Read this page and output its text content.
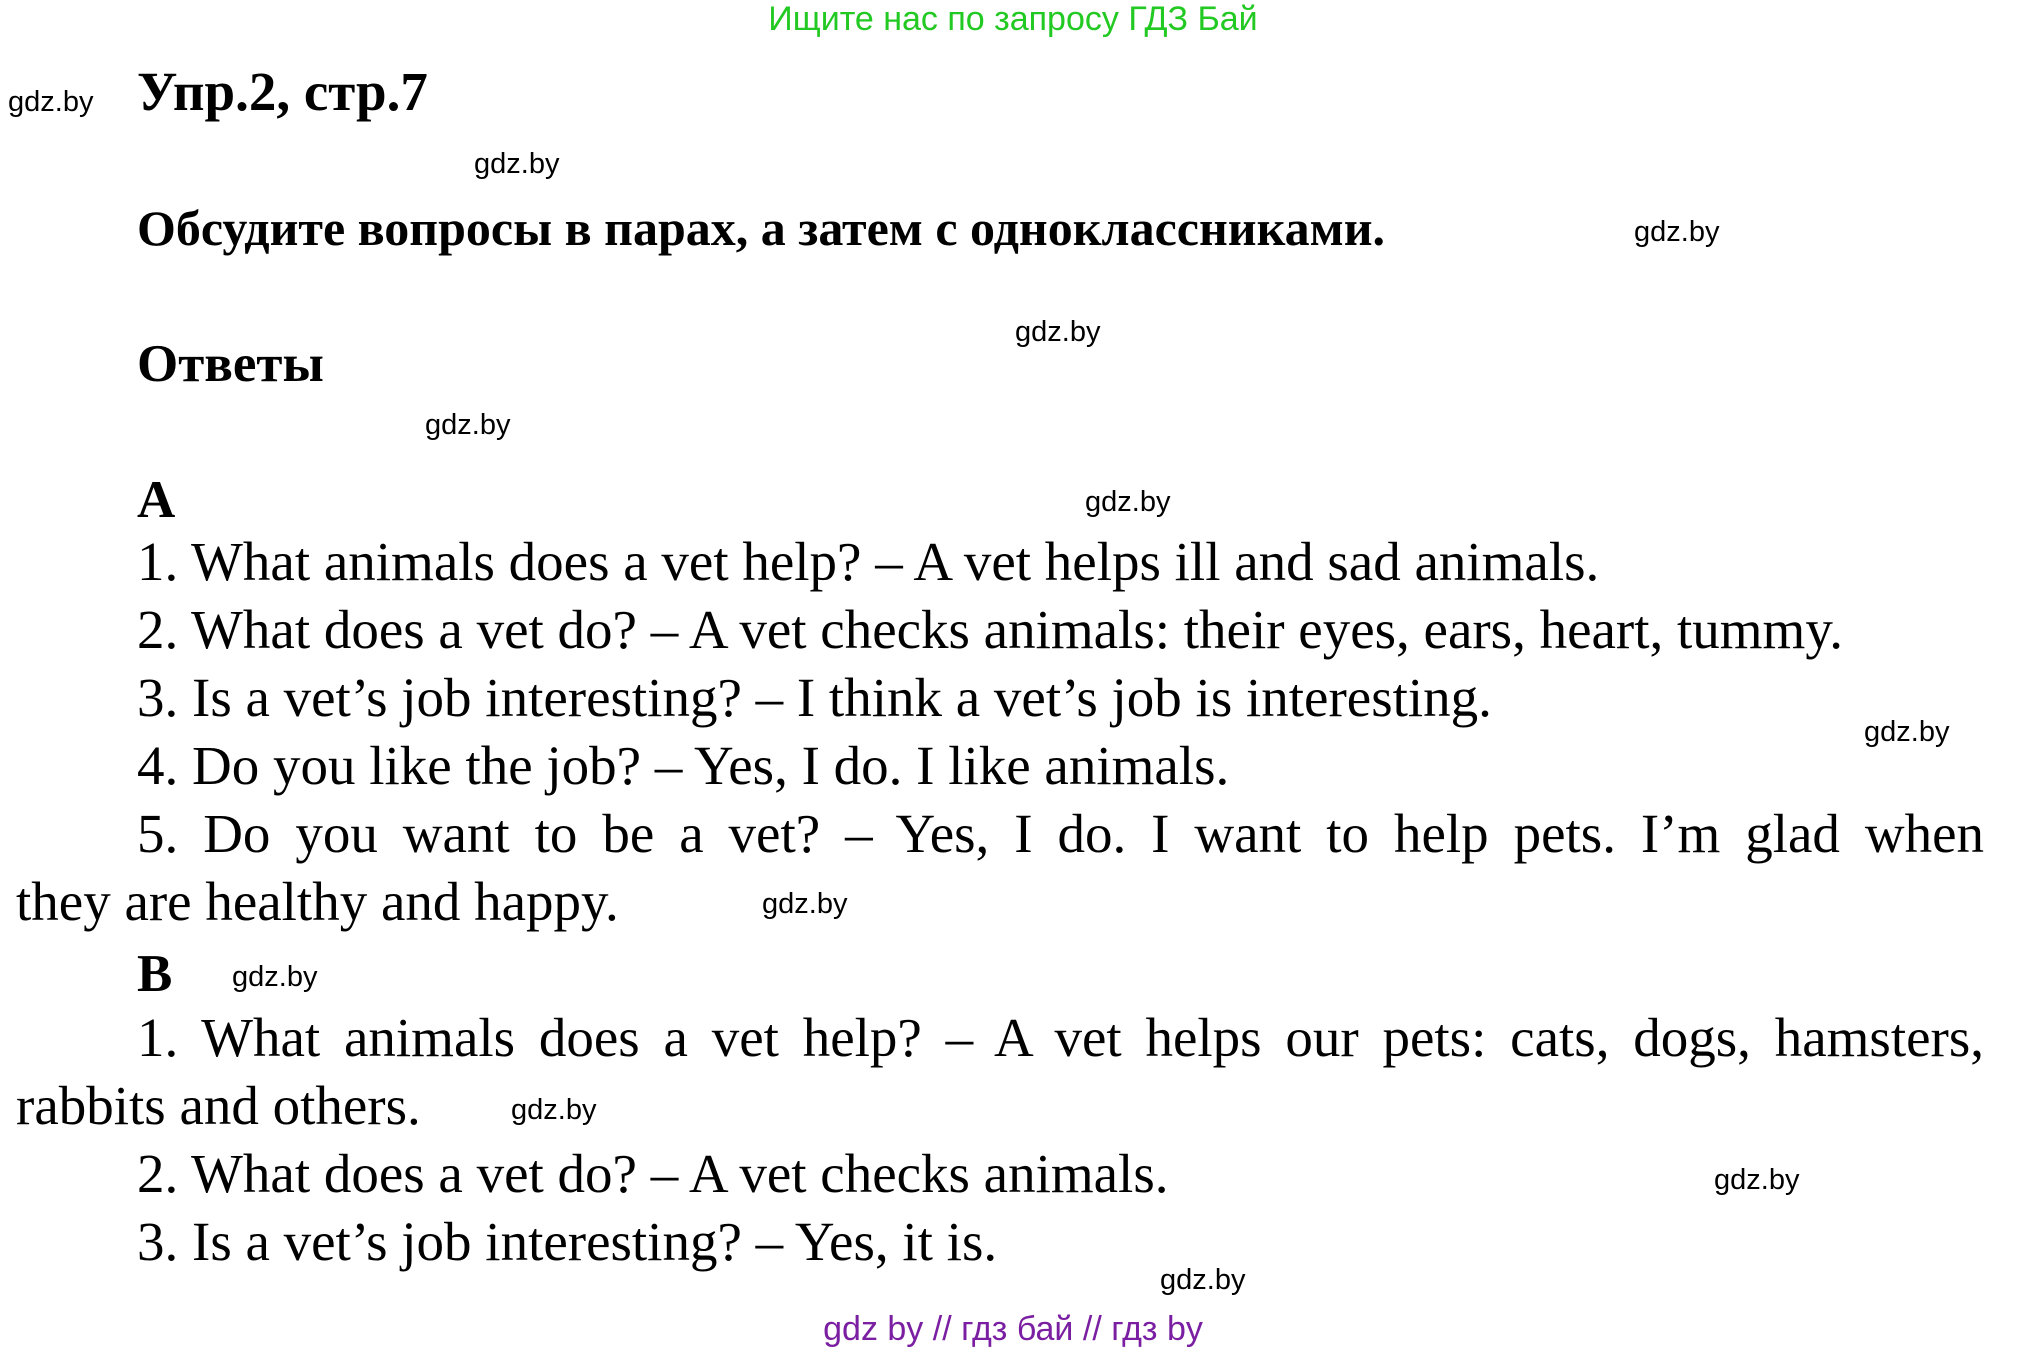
Ищите нас по запросу ГДЗ Бай
gdz.by Упр.2, стр.7
gdz.by
Обсудите вопросы в парах, а затем с одноклассниками.	gdz.by
gdz.by
Ответы
gdz.by
A	gdz.by
1. What animals does a vet help? – A vet helps ill and sad animals.
2. What does a vet do? – A vet checks animals: their eyes, ears, heart, tummy.
3. Is a vet’s job interesting? – I think a vet’s job is interesting.
gdz.by
4. Do you like the job? – Yes, I do. I like animals.
5. Do you want to be a vet? – Yes, I do. I want to help pets. I’m glad when
they are healthy and happy.	gdz.by
B gdz.by
1. What animals does a vet help? – A vet helps our pets: cats, dogs, hamsters,
rabbits and others.	gdz.by
2. What does a vet do? – A vet checks animals.	gdz.by
3. Is a vet’s job interesting? – Yes, it is.
gdz.by
gdz by // гдз бай // гдз by
